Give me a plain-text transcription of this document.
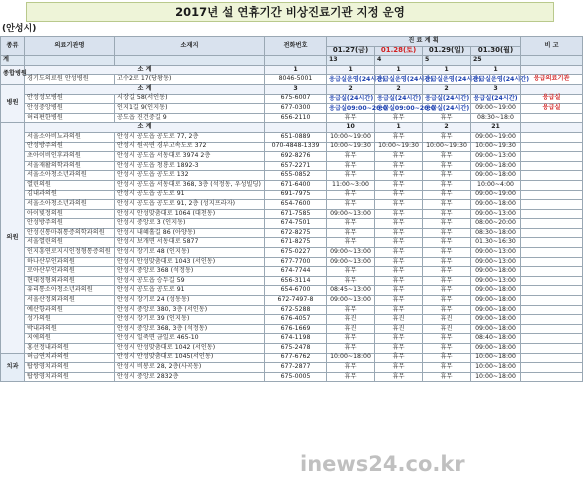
2017년 설 연휴기간 비상진료기관 지정 운영
(안성시)
종류	의료기관명	소재지	전화번호	진 료 계 획				비 고
				01.27(금)	01.28(토)	01.29(일)	01.30(월)	
계				13	4	5	25	
종합병원	소 계		1	1	1	1	1	
	경기도의료원 안성병원	고수2로 17(당왕동)	8046-5001	응급실운영(24시간)	응급실운영(24시간)	응급실운영(24시간)	응급실운영(24시간)	응급의료기관
병원	소 계		3	2	2	2	3	
	안성성모병원	시장길 58(서인동)	675-6007	응급실(24시간)	응급실(24시간)	응급실(24시간)	응급실(24시간)	응급실
	안성중앙병원	인지1길 9(인지동)	677-0300	응급실09:00~20:0	응급실09:00~20:0	응급실(24시간)	09:00~19:00	응급실
	허리편한병원	공도읍 진건중길 9	656-2110	휴무	휴무	휴무	08:30~18:0	
의원	소 계			10	1	2	21	
	서울소아비뇨과의원	안성시 공도읍 공도로 77, 2층	651-0889	10:00~19:00	휴무	휴무	09:00~19:00	
	안성방주의원	안성시 원곡면 경부고속도로 372	070-4848-1339	10:00~19:30	10:00~19:30	10:00~19:30	10:00~19:30	
	초아이비인후과의원	안성시 공도읍 서동대로 3974 2층	692-8276	휴무	휴무	휴무	09:00~13:00	
	서울재활의학과의원	안성시 공도읍 청룡로 1892-3	657-2271	휴무	휴무	휴무	09:00~18:00	
	서울소아청소년과의원	안성시 공도읍 공도로 132	655-0852	휴무	휴무	휴무	09:00~18:00	
	열린의원	안성시 공도읍 서동대로 368, 3층 (석정동, 우성빌딩)	671-6400	11:00~3:00	휴무	휴무	10:00~4:00	
	김내과의원	안성시 공도읍 공도로 91	691-7975	휴무	휴무	휴무	09:00~19:00	
	서울소아청소년과의원	안성시 공도읍 공도로 91, 2층 (성지프라자)	654-7600	휴무	휴무	휴무	09:00~18:00	
	아이빛정의원	안성시 안성맞춤대로 1064 (대천동)	671-7585	09:00~13:00	휴무	휴무	09:00~13:00	
	안성방주의원	안성시 중앙로 3 (인지동)	674-7501	휴무	휴무	휴무	08:00~20:00	
	안성신통마취통증의학과의원	안성시 내혜홀길 86 (아양동)	672-8275	휴무	휴무	휴무	08:30~18:00	
	서울열린의원	안성시 보개면 서동대로 5877	671-8275	휴무	휴무	휴무	01.30~16:30	
	인지흥연로지시인정형통증의원	안성시 장기로 48 (인지동)	675-0227	09:00~13:00	휴무	휴무	09:00~13:00	
	하나산부인과의원	안성시 안성맞춤대로 1043 (서인동)	677-7700	09:00~13:00	휴무	휴무	09:00~13:00	
	로아산부인과의원	안성시 중앙로 368 (석정동)	674-7744	휴무	휴무	휴무	09:00~18:00	
	현대정형외과의원	안성시 공도읍 승두길 59	656-3114	휴무	휴무	휴무	09:00~13:00	
	유리통소아청소년과의원	안성시 공도읍 공도로 91	654-6700	08:45~13:00	휴무	휴무	09:00~18:00	
	서울산정외과의원	안성시 장기로 24 (성동동)	672-7497-8	09:00~13:00	휴무	휴무	09:00~18:00	
	예산항과의원	안성시 중앙로 380, 3층 (서인동)	672-5288	휴무	휴무	휴무	09:00~18:00	
	성가의원	안성시 장기로 39 (인지동)	676-4057	휴진	휴진	휴진	09:00~18:00	
	박내과의원	안성시 중앙로 368, 3층 (석정동)	676-1669	휴진	휴진	휴진	09:00~18:00	
	지에의원	안성시 일죽면 금일로 465-10	674-1198	휴무	휴무	휴무	08:40~18:00	
	홍선정내과의원	안성시 안성맞춤대로 1042 (서인동)	675-2478	휴무	휴무	휴무	09:00~18:00	
치과	허급연치과의원	안성시 안성맞춤대로 1045(서인동)	677-6762	10:00~18:00	휴무	휴무	10:00~18:00	
	탑쌍영치과의원	안성시 비봉로 28, 2층(사곡동)	677-2877	휴무	휴무	휴무	10:00~18:00	
	탑쌍영치과의원	안성시 중앙로 2832층	675-0005	휴무	휴무	휴무	10:00~18:00	
inews24.co.kr
